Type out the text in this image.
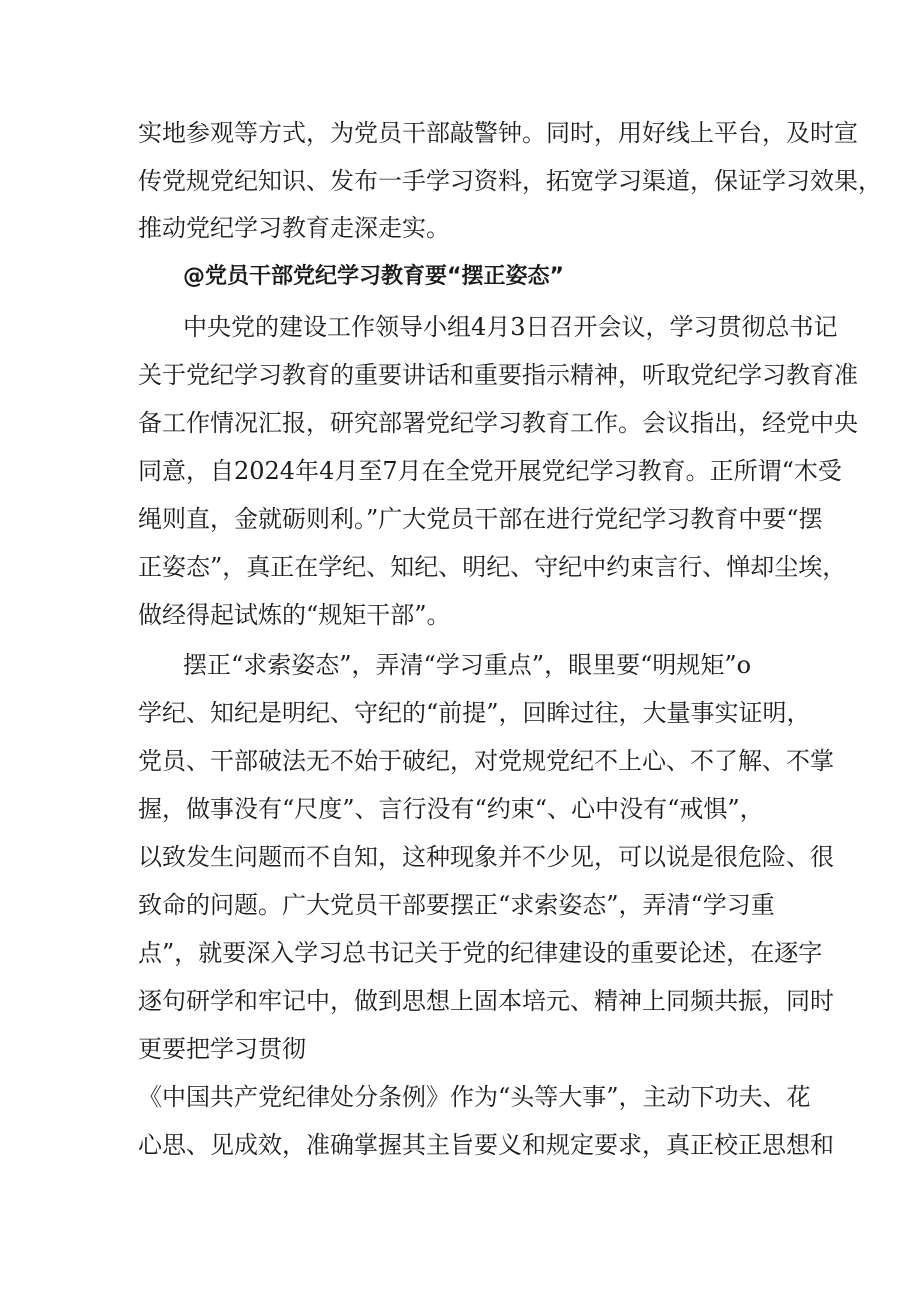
实地参观等方式，为党员干部敲警钟。同时，用好线上平台，及时宣

传党规党纪知识、发布一手学习资料，拓宽学习渠道，保证学习效果，

推动党纪学习教育走深走实。

@党员干部党纪学习教育要“摆正姿态”

中央党的建设工作领导小组4月3日召开会议，学习贯彻总书记

关于党纪学习教育的重要讲话和重要指示精神，听取党纪学习教育准

备工作情况汇报，研究部署党纪学习教育工作。会议指出，经党中央

同意，自2024年4月至7月在全党开展党纪学习教育。正所谓“木受

绳则直，金就砺则利。”广大党员干部在进行党纪学习教育中要“摆

正姿态”，真正在学纪、知纪、明纪、守纪中约束言行、惮却尘埃，

做经得起试炼的“规矩干部”。

摆正“求索姿态”，弄清“学习重点”，眼里要“明规矩”o

学纪、知纪是明纪、守纪的“前提”，回眸过往，大量事实证明，

党员、干部破法无不始于破纪，对党规党纪不上心、不了解、不掌

握，做事没有“尺度”、言行没有“约束“、心中没有“戒惧”，

以致发生问题而不自知，这种现象并不少见，可以说是很危险、很

致命的问题。广大党员干部要摆正“求索姿态”，弄清“学习重

点”，就要深入学习总书记关于党的纪律建设的重要论述，在逐字

逐句研学和牢记中，做到思想上固本培元、精神上同频共振，同时

更要把学习贯彻

《中国共产党纪律处分条例》作为“头等大事”，主动下功夫、花

心思、见成效，准确掌握其主旨要义和规定要求，真正校正思想和
